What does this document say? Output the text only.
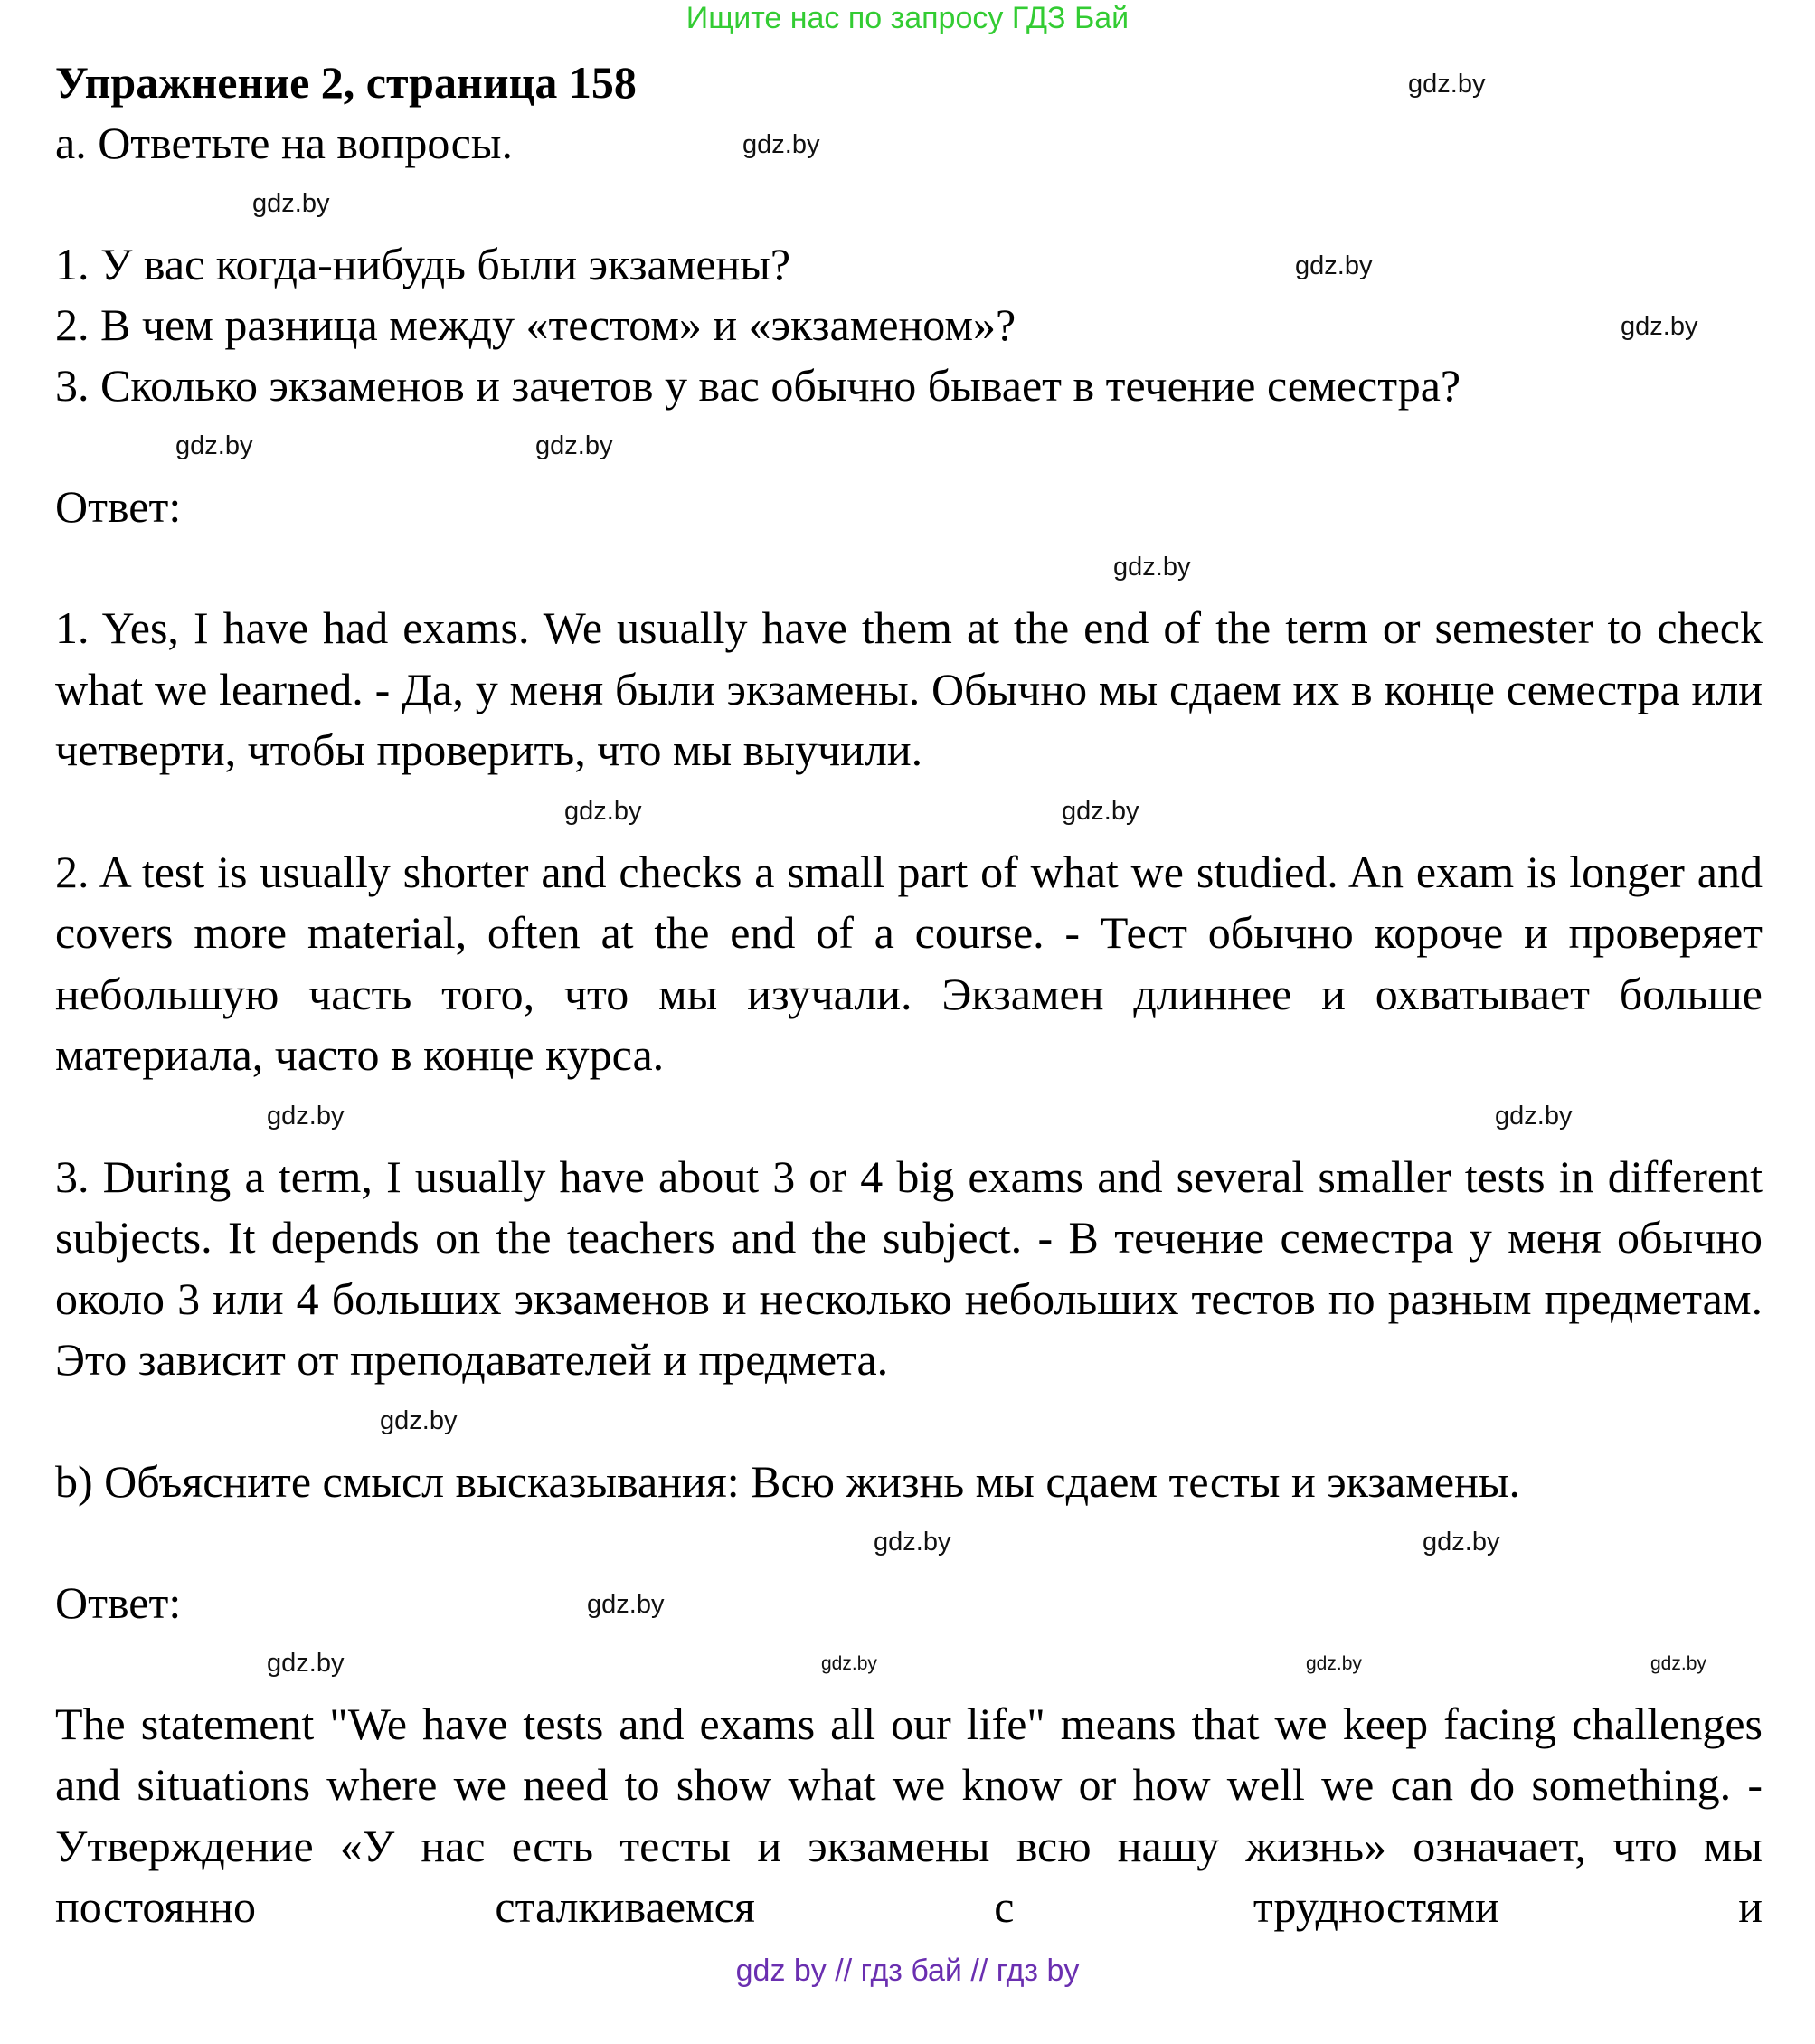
Ищите нас по запросу ГДЗ Бай
Упражнение 2, страница 158	gdz.by
а. Ответьте на вопросы.	gdz.by
gdz.by
1. У вас когда-нибудь были экзамены?	gdz.by
2. В чем разница между «тестом» и «экзаменом»?	gdz.by
3. Сколько экзаменов и зачетов у вас обычно бывает в течение семестра?
gdz.by	gdz.by
Ответ:
gdz.by
1. Yes, I have had exams. We usually have them at the end of the term or semester to check what we learned. - Да, у меня были экзамены. Обычно мы сдаем их в конце семестра или четверти, чтобы проверить, что мы выучили.
gdz.by	gdz.by
2. A test is usually shorter and checks a small part of what we studied. An exam is longer and covers more material, often at the end of a course. - Тест обычно короче и проверяет небольшую часть того, что мы изучали. Экзамен длиннее и охватывает больше материала, часто в конце курса.
gdz.by	gdz.by
3. During a term, I usually have about 3 or 4 big exams and several smaller tests in different subjects. It depends on the teachers and the subject. - В течение семестра у меня обычно около 3 или 4 больших экзаменов и несколько небольших тестов по разным предметам. Это зависит от преподавателей и предмета.
gdz.by
b) Объясните смысл высказывания: Всю жизнь мы сдаем тесты и экзамены.
gdz.by	gdz.by
Ответ:	gdz.by
gdz.by	gdz.by	gdz.by	gdz.by
The statement "We have tests and exams all our life" means that we keep facing challenges and situations where we need to show what we know or how well we can do something. - Утверждение «У нас есть тесты и экзамены всю нашу жизнь» означает, что мы постоянно сталкиваемся с трудностями и
gdz by // гдз бай // гдз by
